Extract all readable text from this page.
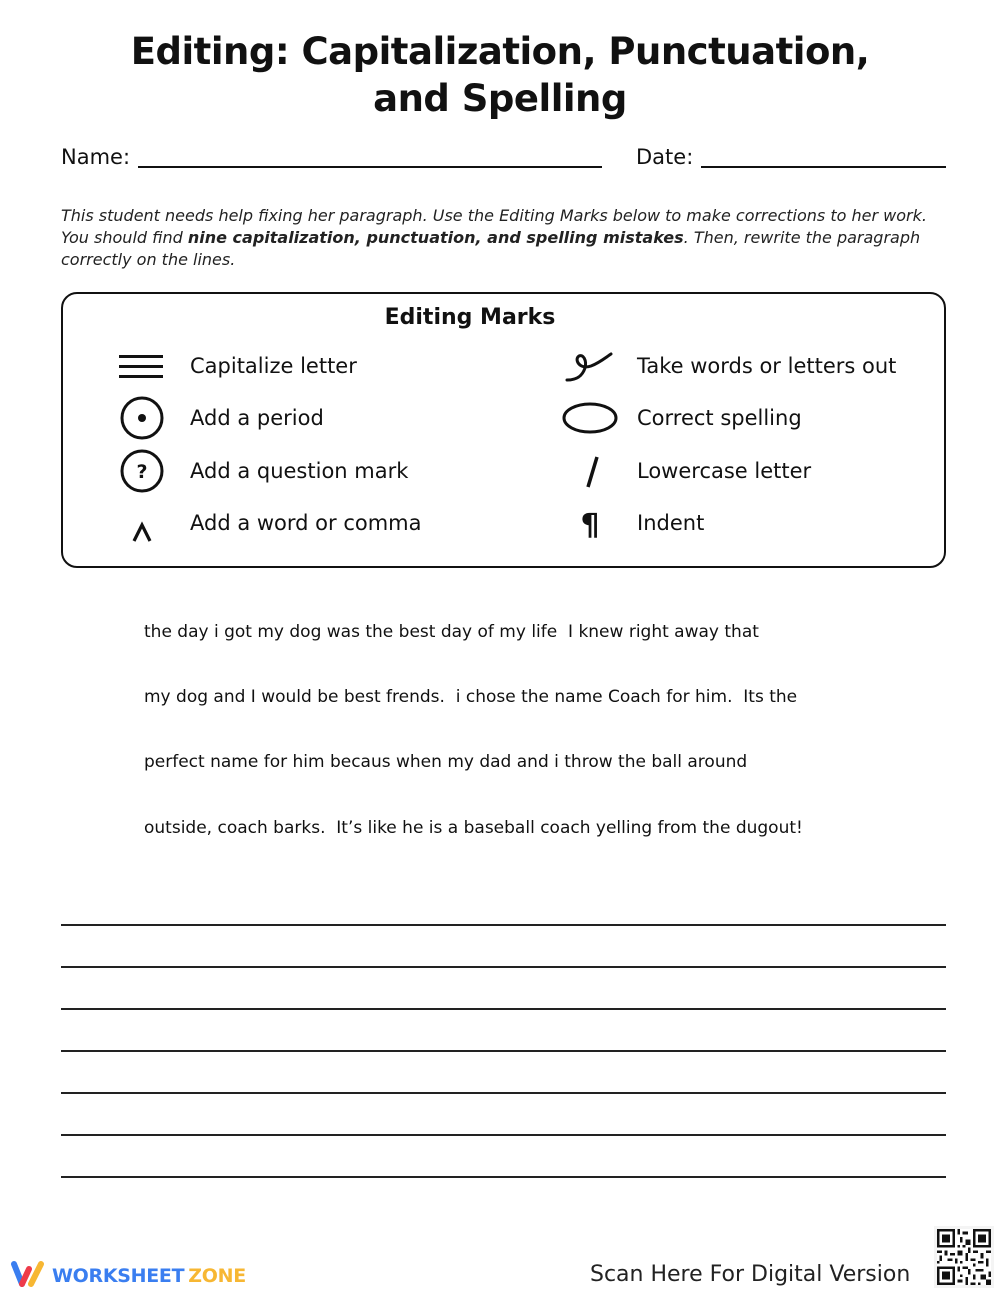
Editing: Capitalization, Punctuation,
and Spelling
Name:	Date:

This student needs help fixing her paragraph. Use the Editing Marks below to make corrections to her work. You should find nine capitalization, punctuation, and spelling mistakes. Then, rewrite the paragraph correctly on the lines.

Editing Marks
Capitalize letter
Add a period
? Add a question mark
Add a word or comma
Take words or letters out
Correct spelling
Lowercase letter
¶ Indent
the day i got my dog was the best day of my life  I knew right away that
my dog and I would be best frends.  i chose the name Coach for him.  Its the
perfect name for him becaus when my dad and i throw the ball around
outside, coach barks.  It’s like he is a baseball coach yelling from the dugout!
WORKSHEET ZONE	Scan Here For Digital Version
